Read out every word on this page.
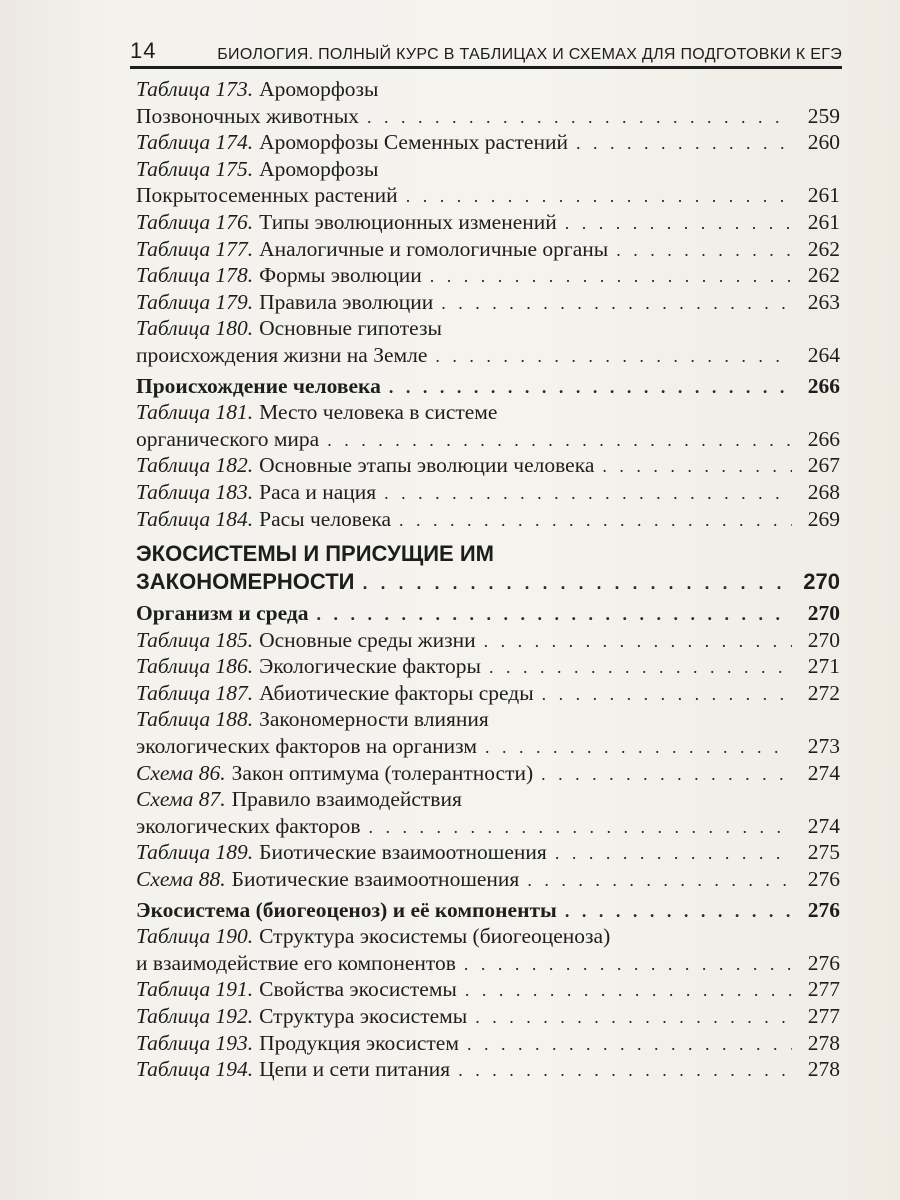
14	БИОЛОГИЯ. ПОЛНЫЙ КУРС В ТАБЛИЦАХ И СХЕМАХ ДЛЯ ПОДГОТОВКИ К ЕГЭ
Таблица 173. Ароморфозы
Позвоночных животных . . .	259
Таблица 174. Ароморфозы Семенных растений . . .	260
Таблица 175. Ароморфозы
Покрытосеменных растений . . .	261
Таблица 176. Типы эволюционных изменений . . .	261
Таблица 177. Аналогичные и гомологичные органы . . .	262
Таблица 178. Формы эволюции . . .	262
Таблица 179. Правила эволюции . . .	263
Таблица 180. Основные гипотезы
происхождения жизни на Земле . . .	264
Происхождение человека . . .	266
Таблица 181. Место человека в системе
органического мира . . .	266
Таблица 182. Основные этапы эволюции человека . . .	267
Таблица 183. Раса и нация . . .	268
Таблица 184. Расы человека . . .	269
ЭКОСИСТЕМЫ И ПРИСУЩИЕ ИМ
ЗАКОНОМЕРНОСТИ . . .	270
Организм и среда . . .	270
Таблица 185. Основные среды жизни . . .	270
Таблица 186. Экологические факторы . . .	271
Таблица 187. Абиотические факторы среды . . .	272
Таблица 188. Закономерности влияния
экологических факторов на организм . . .	273
Схема 86. Закон оптимума (толерантности) . . .	274
Схема 87. Правило взаимодействия
экологических факторов . . .	274
Таблица 189. Биотические взаимоотношения . . .	275
Схема 88. Биотические взаимоотношения . . .	276
Экосистема (биогеоценоз) и её компоненты . . .	276
Таблица 190. Структура экосистемы (биогеоценоза)
и взаимодействие его компонентов . . .	276
Таблица 191. Свойства экосистемы . . .	277
Таблица 192. Структура экосистемы . . .	277
Таблица 193. Продукция экосистем . . .	278
Таблица 194. Цепи и сети питания . . .	278
